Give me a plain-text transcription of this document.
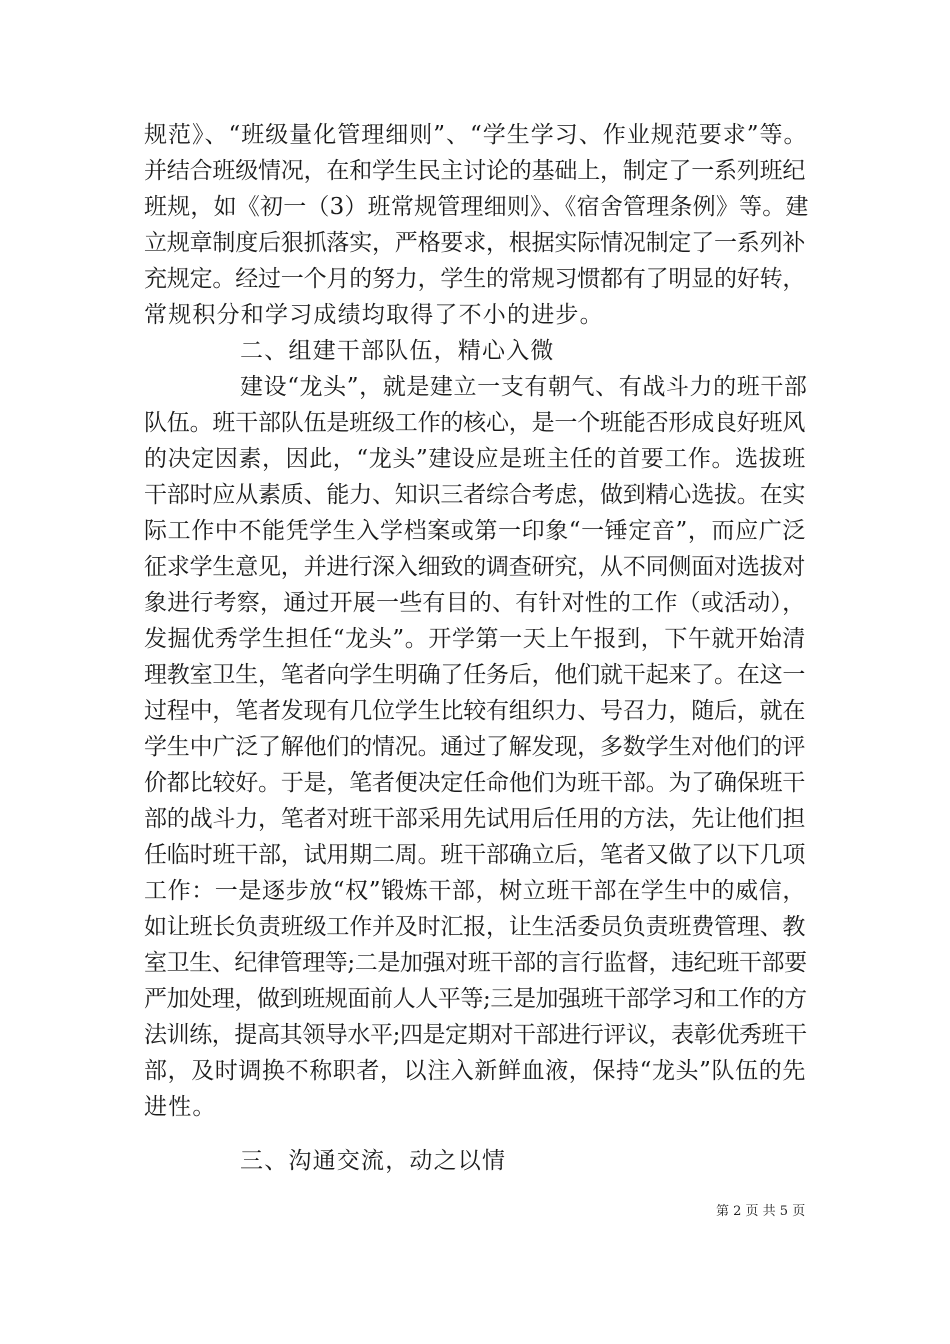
规范》、“班级量化管理细则”、“学生学习、作业规范要求”等。
并结合班级情况，在和学生民主讨论的基础上，制定了一系列班纪
班规，如《初一（3）班常规管理细则》、《宿舍管理条例》等。建
立规章制度后狠抓落实，严格要求，根据实际情况制定了一系列补
充规定。经过一个月的努力，学生的常规习惯都有了明显的好转，
常规积分和学习成绩均取得了不小的进步。
二、组建干部队伍，精心入微
建设“龙头”，就是建立一支有朝气、有战斗力的班干部
队伍。班干部队伍是班级工作的核心，是一个班能否形成良好班风
的决定因素，因此，“龙头”建设应是班主任的首要工作。选拔班
干部时应从素质、能力、知识三者综合考虑，做到精心选拔。在实
际工作中不能凭学生入学档案或第一印象“一锤定音”，而应广泛
征求学生意见，并进行深入细致的调查研究，从不同侧面对选拔对
象进行考察，通过开展一些有目的、有针对性的工作（或活动），
发掘优秀学生担任“龙头”。开学第一天上午报到，下午就开始清
理教室卫生，笔者向学生明确了任务后，他们就干起来了。在这一
过程中，笔者发现有几位学生比较有组织力、号召力，随后，就在
学生中广泛了解他们的情况。通过了解发现，多数学生对他们的评
价都比较好。于是，笔者便决定任命他们为班干部。为了确保班干
部的战斗力，笔者对班干部采用先试用后任用的方法，先让他们担
任临时班干部，试用期二周。班干部确立后，笔者又做了以下几项
工作：一是逐步放“权”锻炼干部，树立班干部在学生中的威信，
如让班长负责班级工作并及时汇报，让生活委员负责班费管理、教
室卫生、纪律管理等;二是加强对班干部的言行监督，违纪班干部要
严加处理，做到班规面前人人平等;三是加强班干部学习和工作的方
法训练，提高其领导水平;四是定期对干部进行评议，表彰优秀班干
部，及时调换不称职者，以注入新鲜血液，保持“龙头”队伍的先
进性。
三、沟通交流，动之以情
第 2 页 共 5 页
